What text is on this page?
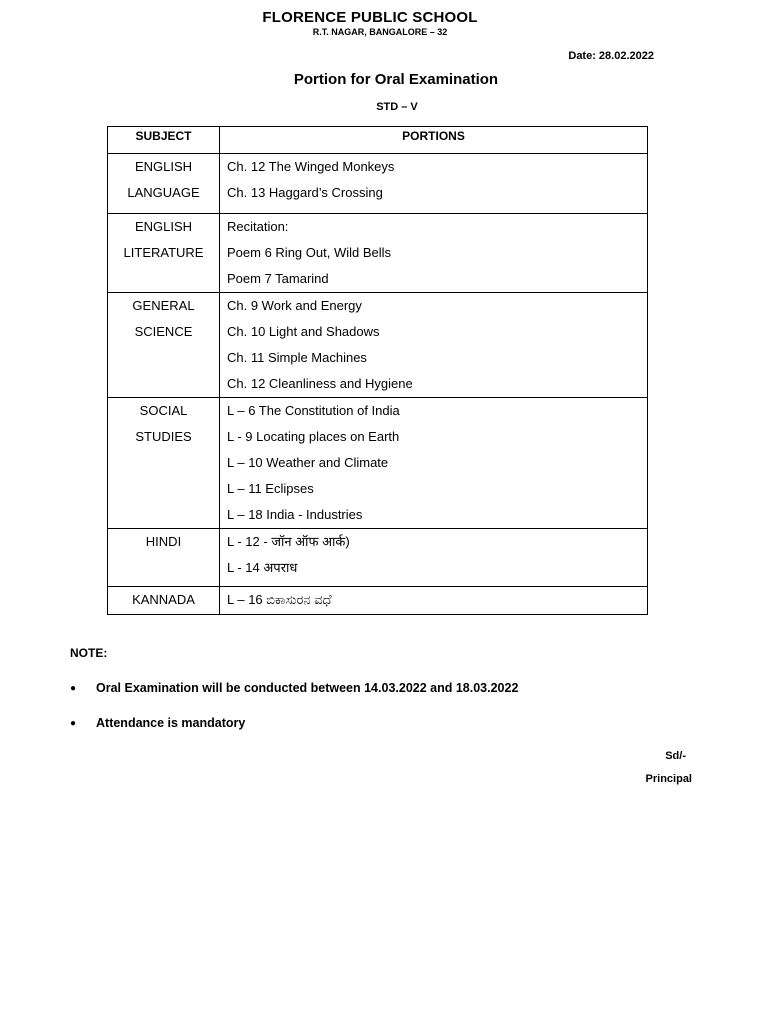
FLORENCE PUBLIC SCHOOL
R.T. NAGAR, BANGALORE – 32
Date: 28.02.2022
Portion for Oral Examination
STD – V
SUBJECT	PORTIONS

ENGLISH
LANGUAGE	Ch. 12 The Winged Monkeys
Ch. 13 Haggard’s Crossing

ENGLISH
LITERATURE	Recitation:
Poem 6 Ring Out, Wild Bells
Poem 7 Tamarind

GENERAL
SCIENCE	Ch. 9 Work and Energy
Ch. 10 Light and Shadows
Ch. 11 Simple Machines
Ch. 12 Cleanliness and Hygiene

SOCIAL
STUDIES	L – 6 The Constitution of India
L - 9 Locating places on Earth
L – 10 Weather and Climate
L – 11 Eclipses
L – 18 India - Industries

HINDI	L - 12 - जॉन ऑफ आर्क)
L - 14 अपराध

KANNADA	L – 16 ಬಿಕಾಸುರನ ವಧೆ
NOTE:
● Oral Examination will be conducted between 14.03.2022 and 18.03.2022
● Attendance is mandatory
Sd/-
Principal
